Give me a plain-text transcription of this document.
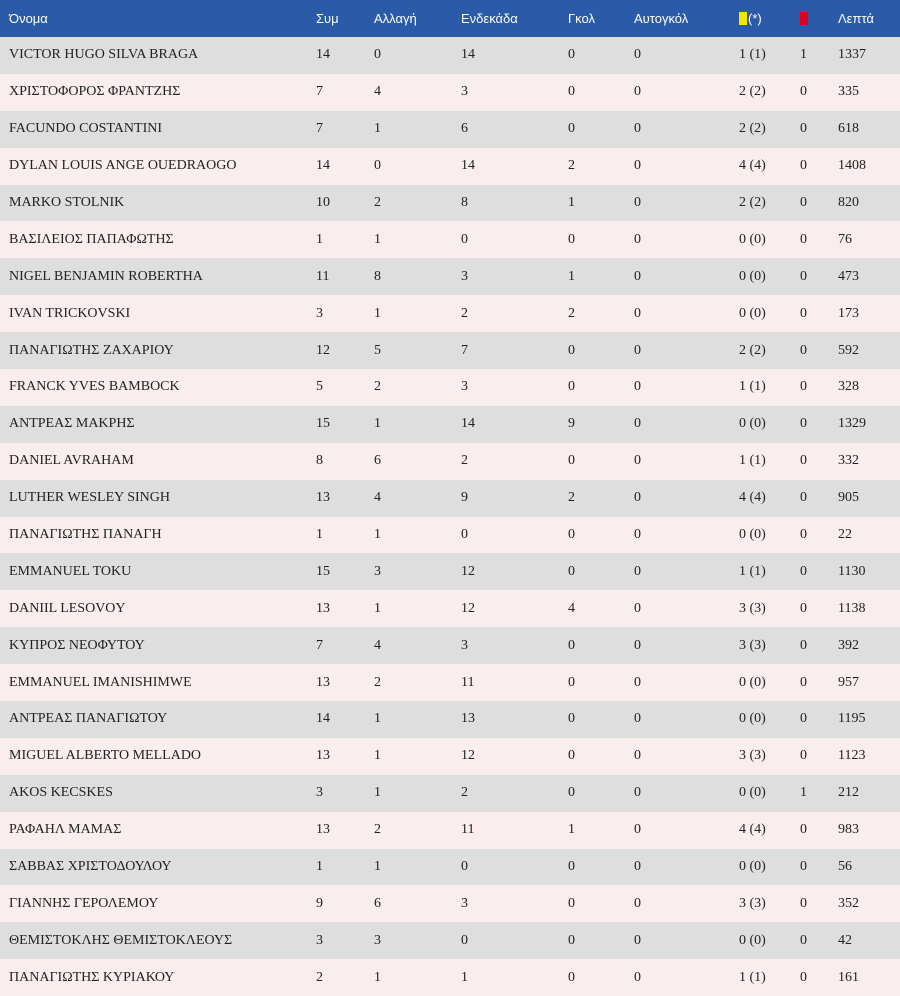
Όνομα	Συμ	Αλλαγή	Ενδεκάδα	Γκολ	Αυτογκόλ	(*)		Λεπτά
VICTOR HUGO SILVA BRAGA	14	0	14	0	0	1 (1)	1	1337
ΧΡΙΣΤΟΦΟΡΟΣ ΦΡΑΝΤΖΗΣ	7	4	3	0	0	2 (2)	0	335
FACUNDO COSTANTINI	7	1	6	0	0	2 (2)	0	618
DYLAN LOUIS ANGE OUEDRAOGO	14	0	14	2	0	4 (4)	0	1408
MARKO STOLNIK	10	2	8	1	0	2 (2)	0	820
ΒΑΣΙΛΕΙΟΣ ΠΑΠΑΦΩΤΗΣ	1	1	0	0	0	0 (0)	0	76
NIGEL BENJAMIN ROBERTHA	11	8	3	1	0	0 (0)	0	473
IVAN TRICKOVSKI	3	1	2	2	0	0 (0)	0	173
ΠΑΝΑΓΙΩΤΗΣ ΖΑΧΑΡΙΟΥ	12	5	7	0	0	2 (2)	0	592
FRANCK YVES BAMBOCK	5	2	3	0	0	1 (1)	0	328
ΑΝΤΡΕΑΣ ΜΑΚΡΗΣ	15	1	14	9	0	0 (0)	0	1329
DANIEL AVRAHAM	8	6	2	0	0	1 (1)	0	332
LUTHER WESLEY SINGH	13	4	9	2	0	4 (4)	0	905
ΠΑΝΑΓΙΩΤΗΣ ΠΑΝΑΓΗ	1	1	0	0	0	0 (0)	0	22
EMMANUEL TOKU	15	3	12	0	0	1 (1)	0	1130
DANIIL LESOVOY	13	1	12	4	0	3 (3)	0	1138
ΚΥΠΡΟΣ ΝΕΟΦΥΤΟΥ	7	4	3	0	0	3 (3)	0	392
EMMANUEL IMANISHIMWE	13	2	11	0	0	0 (0)	0	957
ΑΝΤΡΕΑΣ ΠΑΝΑΓΙΩΤΟΥ	14	1	13	0	0	0 (0)	0	1195
MIGUEL ALBERTO MELLADO	13	1	12	0	0	3 (3)	0	1123
AKOS KECSKES	3	1	2	0	0	0 (0)	1	212
ΡΑΦΑΗΛ ΜΑΜΑΣ	13	2	11	1	0	4 (4)	0	983
ΣΑΒΒΑΣ ΧΡΙΣΤΟΔΟΥΛΟΥ	1	1	0	0	0	0 (0)	0	56
ΓΙΑΝΝΗΣ ΓΕΡΟΛΕΜΟΥ	9	6	3	0	0	3 (3)	0	352
ΘΕΜΙΣΤΟΚΛΗΣ ΘΕΜΙΣΤΟΚΛΕΟΥΣ	3	3	0	0	0	0 (0)	0	42
ΠΑΝΑΓΙΩΤΗΣ ΚΥΡΙΑΚΟΥ	2	1	1	0	0	1 (1)	0	161
